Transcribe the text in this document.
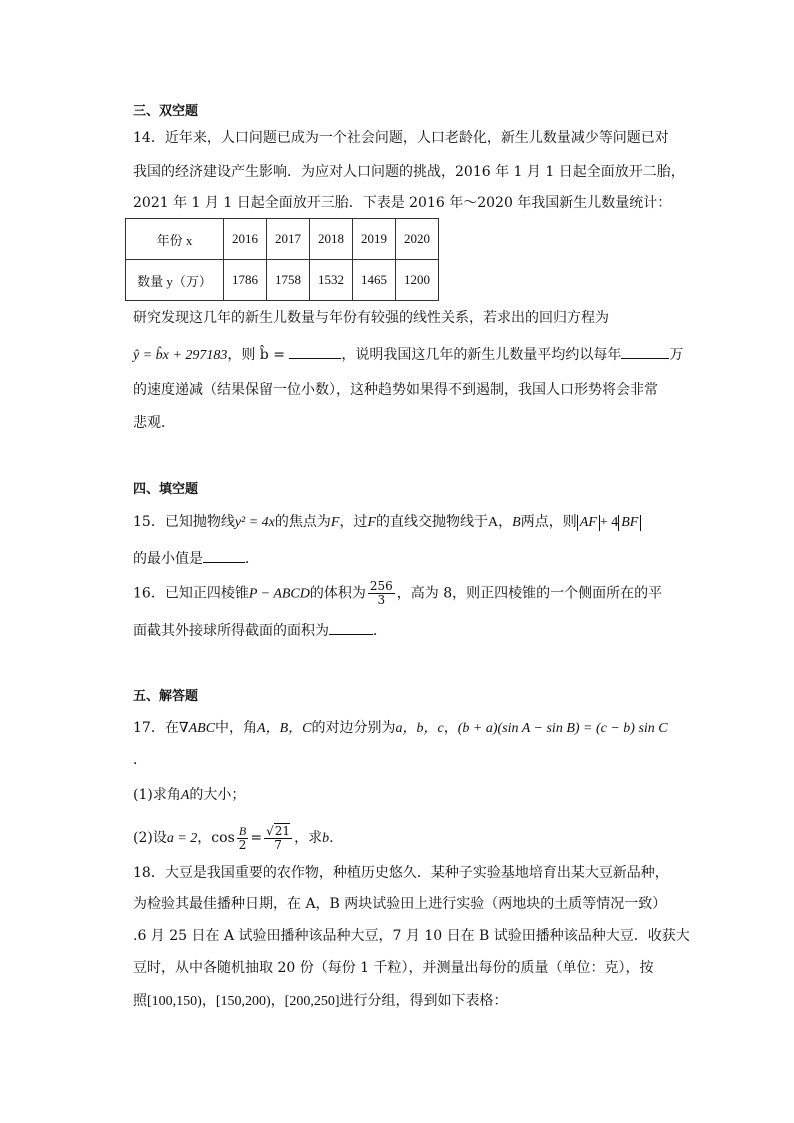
三、双空题
14．近年来，人口问题已成为一个社会问题，人口老龄化，新生儿数量减少等问题已对
我国的经济建设产生影响．为应对人口问题的挑战，2016 年 1 月 1 日起全面放开二胎，
2021 年 1 月 1 日起全面放开三胎．下表是 2016 年～2020 年我国新生儿数量统计：
年份 x	2016	2017	2018	2019	2020
数量 y（万）	1786	1758	1532	1465	1200
研究发现这几年的新生儿数量与年份有较强的线性关系，若求出的回归方程为
ŷ = b̂x + 297183，则 b̂ =	，说明我国这几年的新生儿数量平均约以每年	万
的速度递减（结果保留一位小数），这种趋势如果得不到遏制，我国人口形势将会非常
悲观．
四、填空题
15．已知抛物线y² = 4x的焦点为F，过F的直线交抛物线于A，B两点，则 AF + 4 BF
的最小值是	．
16．已知正四棱锥P − ABCD的体积为 $\frac{256}{3}$ ，高为 8，则正四棱锥的一个侧面所在的平
面截其外接球所得截面的面积为	．
五、解答题
17．在∇ABC中，角A，B，C的对边分别为a，b，c，(b + a)(sin A − sin B) = (c − b) sin C
．
(1)求角A的大小；
(2)设a = 2，$\cos \frac{B}{2} = \frac{√21}{7}$ ，求b.
18．大豆是我国重要的农作物，种植历史悠久．某种子实验基地培育出某大豆新品种，
为检验其最佳播种日期，在 A，B 两块试验田上进行实验（两地块的土质等情况一致）
.6 月 25 日在 A 试验田播种该品种大豆，7 月 10 日在 B 试验田播种该品种大豆．收获大
豆时，从中各随机抽取 20 份（每份 1 千粒），并测量出每份的质量（单位：克），按
照[100,150)，[150,200)，[200,250]进行分组，得到如下表格：
